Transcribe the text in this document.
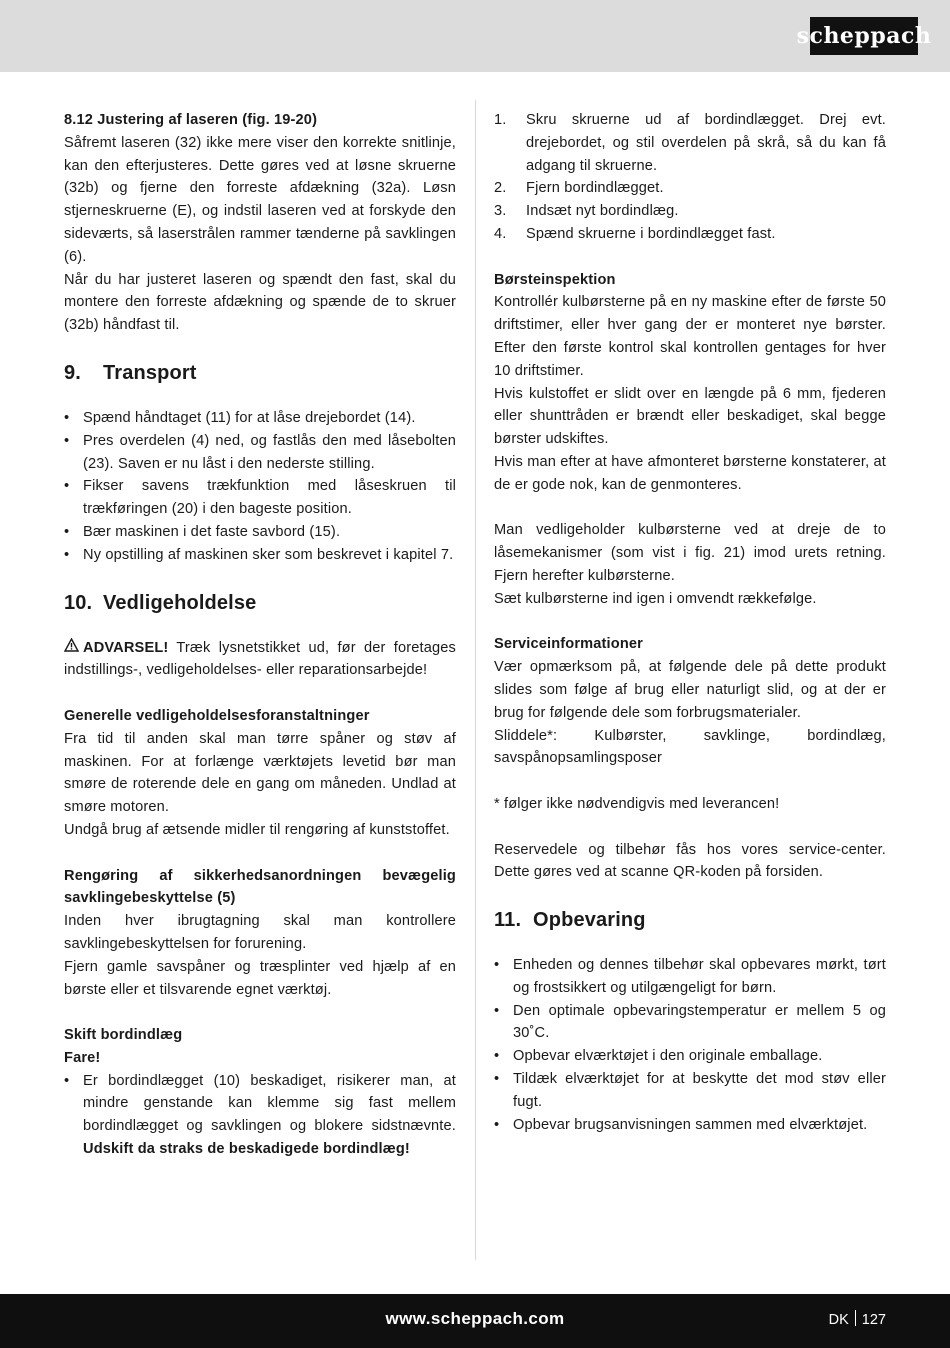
scheppach

8.12 Justering af laseren (fig. 19-20)

Såfremt laseren (32) ikke mere viser den korrekte snitlinje, kan den efterjusteres. Dette gøres ved at løsne skruerne (32b) og fjerne den forreste afdækning (32a). Løsn stjerneskruerne (E), og indstil laseren ved at forskyde den sideværts, så laserstrålen rammer tænderne på savklingen (6).

Når du har justeret laseren og spændt den fast, skal du montere den forreste afdækning og spænde de to skruer (32b) håndfast til.

9.	Transport
• Spænd håndtaget (11) for at låse drejebordet (14).
• Pres overdelen (4) ned, og fastlås den med låsebolten (23). Saven er nu låst i den nederste stilling.
• Fikser savens trækfunktion med låseskruen til trækføringen (20) i den bageste position.
• Bær maskinen i det faste savbord (15).
• Ny opstilling af maskinen sker som beskrevet i kapitel 7.
10. Vedligeholdelse

ADVARSEL! Træk lysnetstikket ud, før der foretages indstillings-, vedligeholdelses- eller reparationsarbejde!

Generelle vedligeholdelsesforanstaltninger

Fra tid til anden skal man tørre spåner og støv af maskinen. For at forlænge værktøjets levetid bør man smøre de roterende dele en gang om måneden. Undlad at smøre motoren.

Undgå brug af ætsende midler til rengøring af kunststoffet.

Rengøring af sikkerhedsanordningen bevægelig savklingebeskyttelse (5)

Inden hver ibrugtagning skal man kontrollere savklingebeskyttelsen for forurening.

Fjern gamle savspåner og træsplinter ved hjælp af en børste eller et tilsvarende egnet værktøj.

Skift bordindlæg

Fare!

• Er bordindlægget (10) beskadiget, risikerer man, at mindre genstande kan klemme sig fast mellem bordindlægget og savklingen og blokere sidstnævnte. Udskift da straks de beskadigede bordindlæg!
1. Skru skruerne ud af bordindlægget. Drej evt. drejebordet, og stil overdelen på skrå, så du kan få adgang til skruerne.
2. Fjern bordindlægget.
3. Indsæt nyt bordindlæg.
4. Spænd skruerne i bordindlægget fast.

Børsteinspektion

Kontrollér kulbørsterne på en ny maskine efter de første 50 driftstimer, eller hver gang der er monteret nye børster. Efter den første kontrol skal kontrollen gentages for hver 10 driftstimer.

Hvis kulstoffet er slidt over en længde på 6 mm, fjederen eller shunttråden er brændt eller beskadiget, skal begge børster udskiftes.

Hvis man efter at have afmonteret børsterne konstaterer, at de er gode nok, kan de genmonteres.

Man vedligeholder kulbørsterne ved at dreje de to låsemekanismer (som vist i fig. 21) imod urets retning. Fjern herefter kulbørsterne.

Sæt kulbørsterne ind igen i omvendt rækkefølge.

Serviceinformationer

Vær opmærksom på, at følgende dele på dette produkt slides som følge af brug eller naturligt slid, og at der er brug for følgende dele som forbrugsmaterialer.

Sliddele*: Kulbørster, savklinge, bordindlæg, savspånopsamlingsposer

* følger ikke nødvendigvis med leverancen!

Reservedele og tilbehør fås hos vores service-center. Dette gøres ved at scanne QR-koden på forsiden.

11. Opbevaring
• Enheden og dennes tilbehør skal opbevares mørkt, tørt og frostsikkert og utilgængeligt for børn.
• Den optimale opbevaringstemperatur er mellem 5 og 30˚C.
• Opbevar elværktøjet i den originale emballage.
• Tildæk elværktøjet for at beskytte det mod støv eller fugt.
• Opbevar brugsanvisningen sammen med elværktøjet.
www.scheppach.com	DK 127
